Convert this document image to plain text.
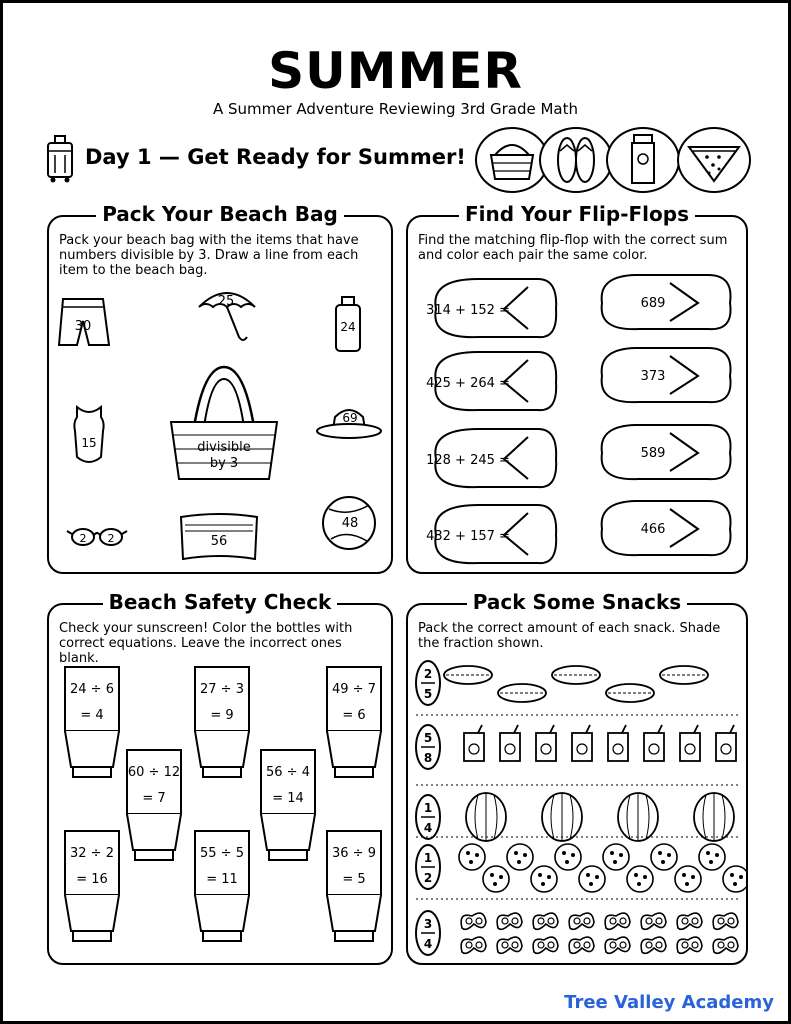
SUMMER
A Summer Adventure Reviewing 3rd Grade Math
Day 1 — Get Ready for Summer!
Pack Your Beach Bag
Pack your beach bag with the items that have numbers divisible by 3. Draw a line from each item to the beach bag.
30
25
24
15	divisible
by 3
69
2 2	56
48
Find Your Flip-Flops
Find the matching flip-flop with the correct sum and color each pair the same color.
314 + 152 =
425 + 264 =
128 + 245 =
432 + 157 =
689
373
589
466
Beach Safety Check
Check your sunscreen! Color the bottles with correct equations. Leave the incorrect ones blank.
24 ÷ 6
= 4
27 ÷ 3
= 9
49 ÷ 7
= 6
60 ÷ 12
= 7
56 ÷ 4
= 14
32 ÷ 2
= 16
55 ÷ 5
= 11
36 ÷ 9
= 5
Pack Some Snacks
Pack the correct amount of each snack. Shade the fraction shown.
2
5
5
8
1
4
1
2
3
4
Tree Valley Academy
